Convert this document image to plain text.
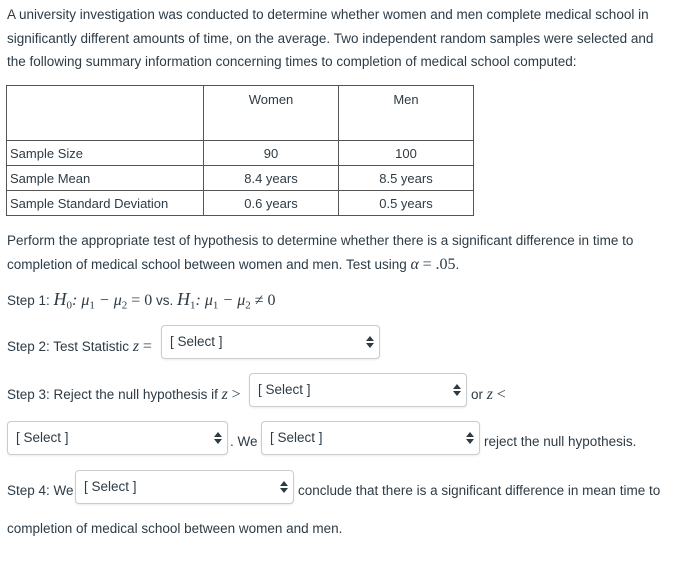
A university investigation was conducted to determine whether women and men complete medical school in significantly different amounts of time, on the average. Two independent random samples were selected and the following summary information concerning times to completion of medical school computed:
	Women	Men
Sample Size	90	100
Sample Mean	8.4 years	8.5 years
Sample Standard Deviation	0.6 years	0.5 years
Perform the appropriate test of hypothesis to determine whether there is a significant difference in time to completion of medical school between women and men. Test using α = .05.
Step 1: $H_0$: $\mu_1 - \mu_2 = 0$ vs. $H_1$: $\mu_1 - \mu_2 \ne 0$
Step 2: Test Statistic z = [ Select ]
Step 3: Reject the null hypothesis if z > [ Select ]	or z <
[ Select ]	. We [ Select ]	reject the null hypothesis.
Step 4: We [ Select ]	conclude that there is a significant difference in mean time to
completion of medical school between women and men.
